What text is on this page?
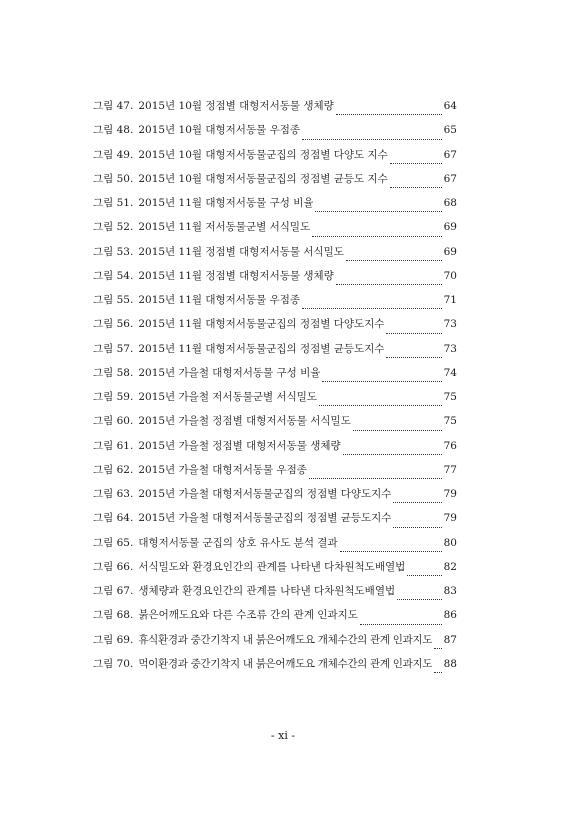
그림 47. 2015년 10월 정점별 대형저서동물 생체량	64
그림 48. 2015년 10월 대형저서동물 우점종	65
그림 49. 2015년 10월 대형저서동물군집의 정점별 다양도 지수	67
그림 50. 2015년 10월 대형저서동물군집의 정점별 균등도 지수	67
그림 51. 2015년 11월 대형저서동물 구성 비율	68
그림 52. 2015년 11월 저서동물군별 서식밀도	69
그림 53. 2015년 11월 정점별 대형저서동물 서식밀도	69
그림 54. 2015년 11월 정점별 대형저서동물 생체량	70
그림 55. 2015년 11월 대형저서동물 우점종	71
그림 56. 2015년 11월 대형저서동물군집의 정점별 다양도지수	73
그림 57. 2015년 11월 대형저서동물군집의 정점별 균등도지수	73
그림 58. 2015년 가을철 대형저서동물 구성 비율	74
그림 59. 2015년 가을철 저서동물군별 서식밀도	75
그림 60. 2015년 가을철 정점별 대형저서동물 서식밀도	75
그림 61. 2015년 가을철 정점별 대형저서동물 생체량	76
그림 62. 2015년 가을철 대형저서동물 우점종	77
그림 63. 2015년 가을철 대형저서동물군집의 정점별 다양도지수	79
그림 64. 2015년 가을철 대형저서동물군집의 정점별 균등도지수	79
그림 65. 대형저서동물 군집의 상호 유사도 분석 결과	80
그림 66. 서식밀도와 환경요인간의 관계를 나타낸 다차원척도배열법	82
그림 67. 생체량과 환경요인간의 관계를 나타낸 다차원척도배열법	83
그림 68. 붉은어깨도요와 다른 수조류 간의 관계 인과지도	86
그림 69. 휴식환경과 중간기착지 내 붉은어깨도요 개체수간의 관계 인과지도 87
그림 70. 먹이환경과 중간기착지 내 붉은어깨도요 개체수간의 관계 인과지도 88
- xi -
